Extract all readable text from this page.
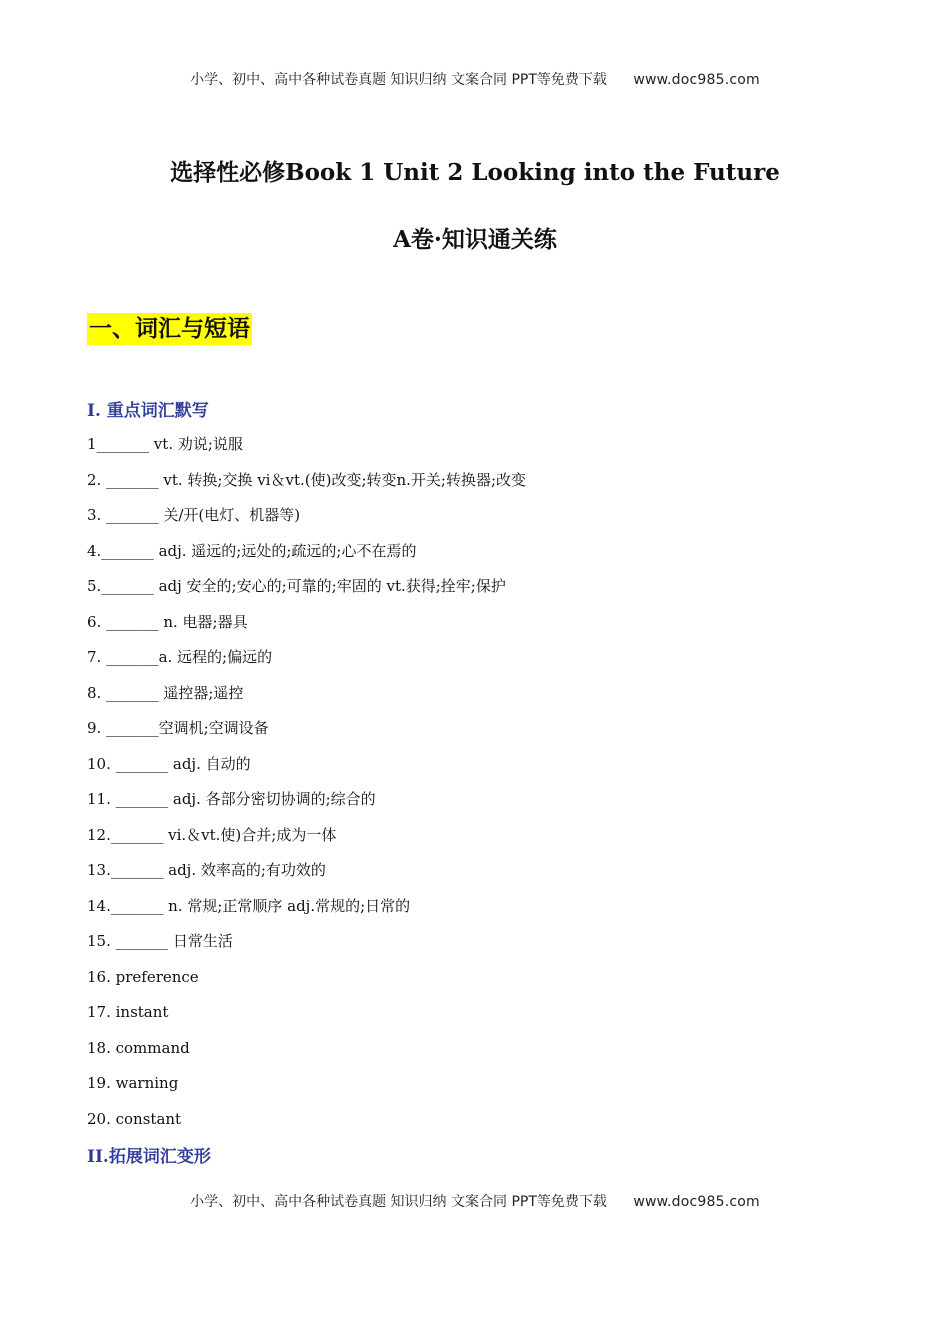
小学、初中、高中各种试卷真题 知识归纳 文案合同 PPT等免费下载 www.doc985.com
选择性必修Book 1 Unit 2 Looking into the Future
A卷·知识通关练
一、词汇与短语
I. 重点词汇默写
1_______ vt. 劝说;说服
2. _______ vt. 转换;交换 vi＆vt.(使)改变;转变n.开关;转换器;改变
3. _______ 关/开(电灯、机器等)
4._______ adj. 遥远的;远处的;疏远的;心不在焉的
5._______ adj 安全的;安心的;可靠的;牢固的 vt.获得;拴牢;保护
6. _______ n. 电器;器具
7. _______a. 远程的;偏远的
8. _______ 遥控器;遥控
9. _______空调机;空调设备
10. _______ adj. 自动的
11. _______ adj. 各部分密切协调的;综合的
12._______ vi.＆vt.使)合并;成为一体
13._______ adj. 效率高的;有功效的
14._______ n. 常规;正常顺序 adj.常规的;日常的
15. _______ 日常生活
16. preference
17. instant
18. command
19. warning
20. constant
II.拓展词汇变形
小学、初中、高中各种试卷真题 知识归纳 文案合同 PPT等免费下载 www.doc985.com
